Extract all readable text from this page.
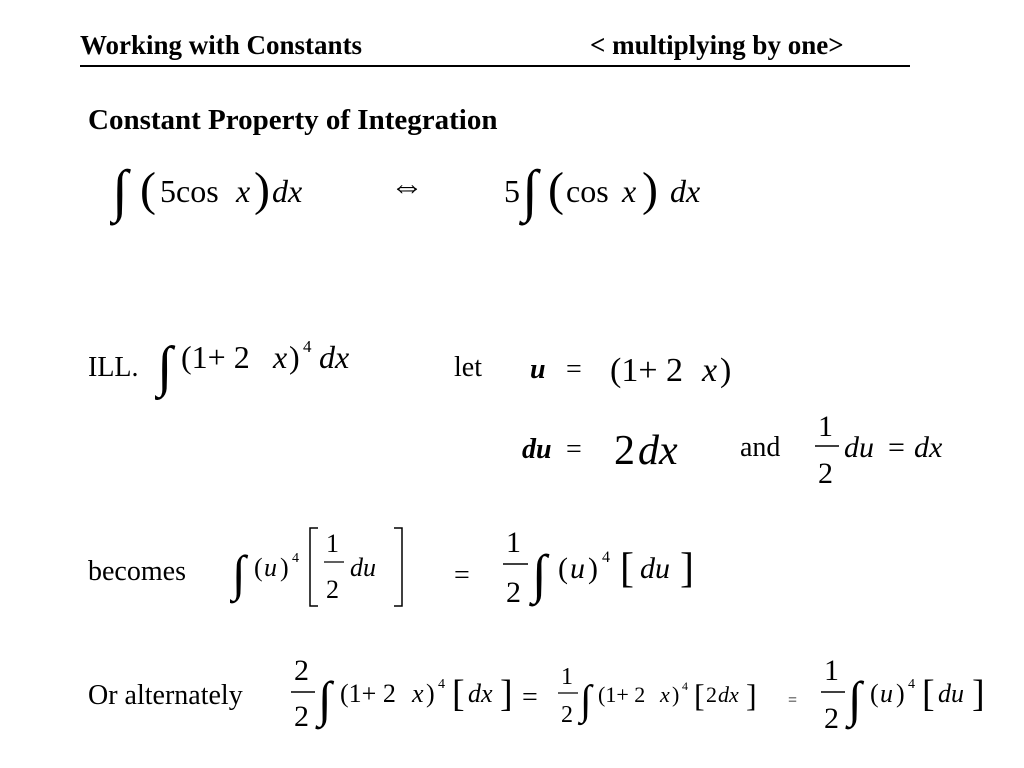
Working with Constants	< multiplying by one>
Constant Property of Integration
∫ ( 5cos x ) dx	⇔	5 ∫ ( cos x ) dx
ILL. ∫ (1+ 2 x ) 4 dx	let u = (1+ 2 x )
du = 2 dx and
1
2
du = dx
becomes ∫ ( u ) 4
1
2
du	=
1
2 ∫ ( u ) 4 [ du ]
Or alternately
2
2 ∫ (1+ 2 x ) 4 [ dx ] =
1
2 ∫ (1+ 2 x ) 4 [ 2 dx ] =
1
2 ∫ ( u ) 4 [ du ]
